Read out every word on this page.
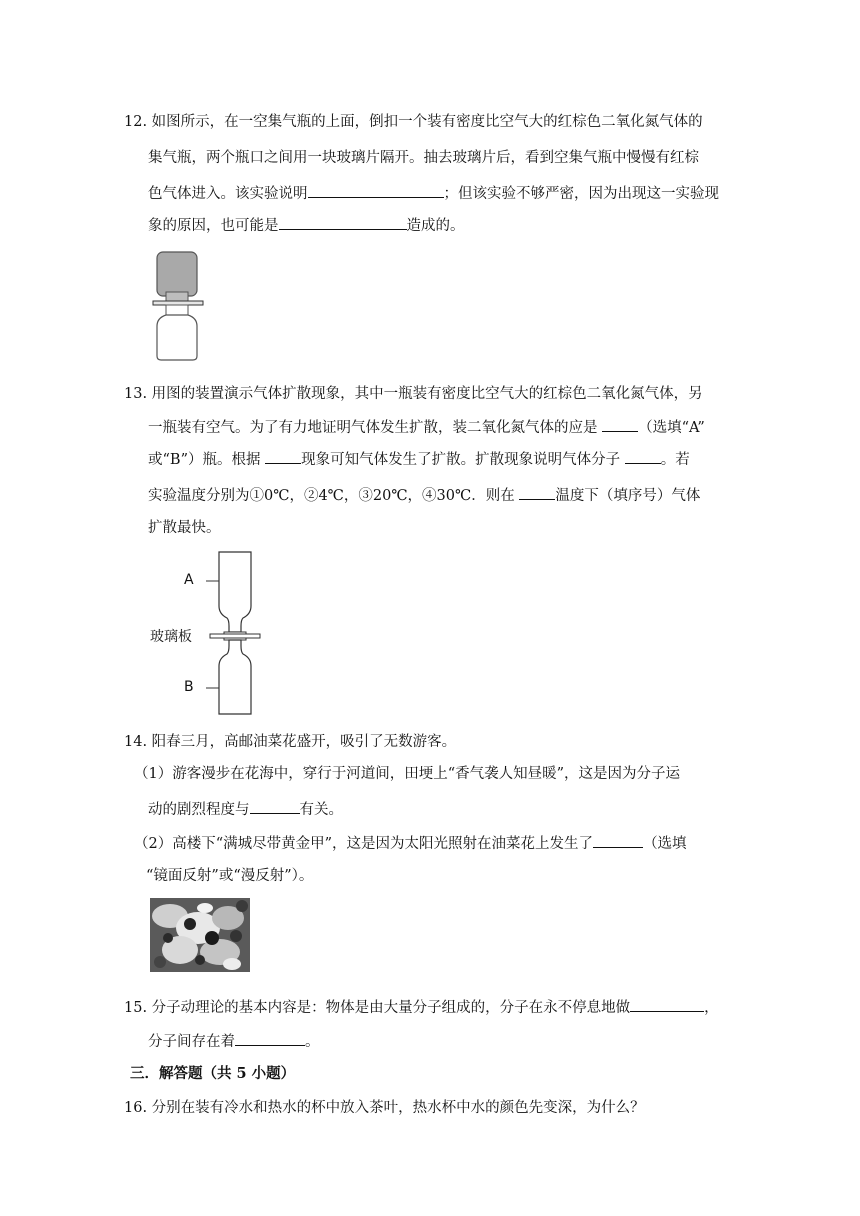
12. 如图所示，在一空集气瓶的上面，倒扣一个装有密度比空气大的红棕色二氧化氮气体的
集气瓶，两个瓶口之间用一块玻璃片隔开。抽去玻璃片后，看到空集气瓶中慢慢有红棕
色气体进入。该实验说明	；但该实验不够严密，因为出现这一实验现
象的原因，也可能是	造成的。
13. 用图的装置演示气体扩散现象，其中一瓶装有密度比空气大的红棕色二氧化氮气体，另
一瓶装有空气。为了有力地证明气体发生扩散，装二氧化氮气体的应是	（选填“A”
或“B”）瓶。根据	现象可知气体发生了扩散。扩散现象说明气体分子	。若
实验温度分别为①0℃，②4℃，③20℃，④30℃．则在	温度下（填序号）气体
扩散最快。
A
玻璃板
B
14. 阳春三月，高邮油菜花盛开，吸引了无数游客。
（1）游客漫步在花海中，穿行于河道间，田埂上“香气袭人知昼暖”，这是因为分子运
动的剧烈程度与	有关。
（2）高楼下“满城尽带黄金甲”，这是因为太阳光照射在油菜花上发生了	（选填
“镜面反射”或“漫反射”）。
15. 分子动理论的基本内容是：物体是由大量分子组成的，分子在永不停息地做	，
分子间存在着	。
三．解答题（共 5 小题）
16. 分别在装有冷水和热水的杯中放入茶叶，热水杯中水的颜色先变深，为什么？
